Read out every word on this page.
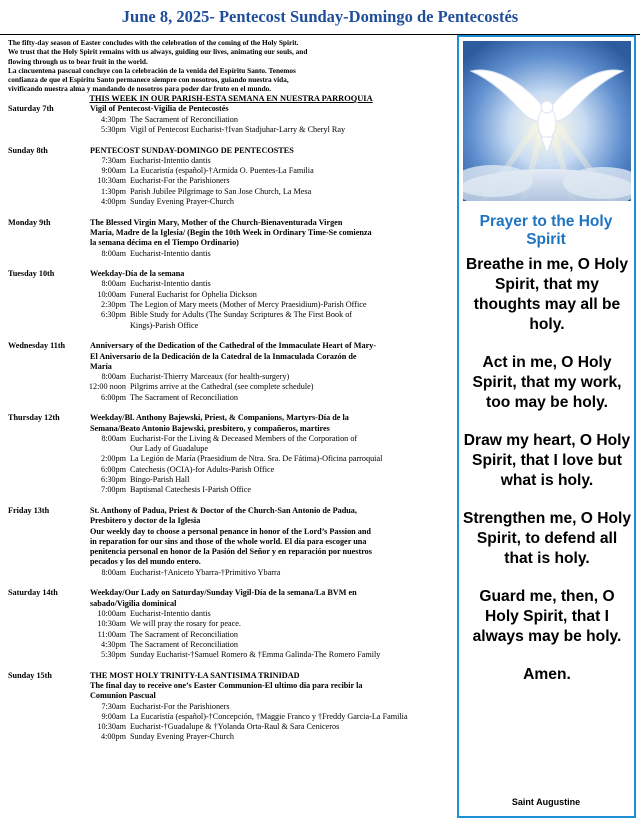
June 8, 2025- Pentecost Sunday-Domingo de Pentecostés
The fifty-day season of Easter concludes with the celebration of the coming of the Holy Spirit.
We trust that the Holy Spirit remains with us always, guiding our lives, animating our souls, and
flowing through us to bear fruit in the world.
La cincuentena pascual concluye con la celebración de la venida del Espíritu Santo. Tenemos
confianza de que el Espíritu Santo permanece siempre con nosotros, guiando nuestra vida,
vivificando nuestra alma y mandando de nosotros para poder dar fruto en el mundo.
THIS WEEK IN OUR PARISH-ESTA SEMANA EN NUESTRA PARROQUIA
Saturday 7th	Vigil of Pentecost-Vigilia de Pentecostés
4:30pm The Sacrament of Reconciliation
5:30pm Vigil of Pentecost Eucharist-†Ivan Stadjuhar-Larry & Cheryl Ray
Sunday 8th	PENTECOST SUNDAY-DOMINGO DE PENTECOSTES
7:30am Eucharist-Intentio dantis
9:00am La Eucaristía (español)-†Armida O. Puentes-La Familia
10:30am Eucharist-For the Parishioners
1:30pm Parish Jubilee Pilgrimage to San Jose Church, La Mesa
4:00pm Sunday Evening Prayer-Church
Monday 9th	The Blessed Virgin Mary, Mother of the Church-Bienaventurada Virgen
María, Madre de la Iglesia/ (Begin the 10th Week in Ordinary Time-Se comienza
la semana décima en el Tiempo Ordinario)
8:00am Eucharist-Intentio dantis
Tuesday 10th	Weekday-Día de la semana
8:00am Eucharist-Intentio dantis
10:00am Funeral Eucharist for Ophelia Dickson
2:30pm The Legion of Mary meets (Mother of Mercy Praesidium)-Parish Office
6:30pm Bible Study for Adults (The Sunday Scriptures & The First Book of
Kings)-Parish Office
Wednesday 11th	Anniversary of the Dedication of the Cathedral of the Immaculate Heart of Mary-
El Aniversario de la Dedicación de la Catedral de la Inmaculada Corazón de
María
8:00am Eucharist-Thierry Marceaux (for health-surgery)
12:00 noon Pilgrims arrive at the Cathedral (see complete schedule)
6:00pm The Sacrament of Reconciliation
Thursday 12th	Weekday/Bl. Anthony Bajewski, Priest, & Companions, Martyrs-Día de la
Semana/Beato Antonio Bajewski, presbitero, y compañeros, martires
8:00am Eucharist-For the Living & Deceased Members of the Corporation of
Our Lady of Guadalupe
2:00pm La Legión de María (Praesidium de Ntra. Sra. De Fátima)-Oficina parroquial
6:00pm Catechesis (OCIA)-for Adults-Parish Office
6:30pm Bingo-Parish Hall
7:00pm Baptismal Catechesis I-Parish Office
Friday 13th	St. Anthony of Padua, Priest & Doctor of the Church-San Antonio de Padua,
Presbitero y doctor de la Iglesia
Our weekly day to choose a personal penance in honor of the Lord’s Passion and
in reparation for our sins and those of the whole world. El día para escoger una
penitencia personal en honor de la Pasión del Señor y en reparación por nuestros
pecados y los del mundo entero.
8:00am Eucharist-†Aniceto Ybarra-†Primitivo Ybarra
Saturday 14th	Weekday/Our Lady on Saturday/Sunday Vigil-Día de la semana/La BVM en
sabado/Vigilia dominical
10:00am Eucharist-Intentio dantis
10:30am We will pray the rosary for peace.
11:00am The Sacrament of Reconciliation
4:30pm The Sacrament of Reconciliation
5:30pm Sunday Eucharist-†Samuel Romero & †Emma Galinda-The Romero Family
Sunday 15th	THE MOST HOLY TRINITY-LA SANTISIMA TRINIDAD
The final day to receive one’s Easter Communion-El ultimo dia para recibir la
Comunion Pascual
7:30am Eucharist-For the Parishioners
9:00am La Eucaristía (español)-†Concepción, †Maggie Franco y †Freddy Garcia-La Familia
10:30am Eucharist-†Guadalupe & †Yolanda Orta-Raul & Sara Ceniceros
4:00pm Sunday Evening Prayer-Church
Prayer to the Holy Spirit
Breathe in me, O Holy Spirit, that my thoughts may all be holy.
Act in me, O Holy Spirit, that my work, too may be holy.
Draw my heart, O Holy Spirit, that I love but what is holy.
Strengthen me, O Holy Spirit, to defend all that is holy.
Guard me, then, O Holy Spirit, that I always may be holy.
Amen.
Saint Augustine
